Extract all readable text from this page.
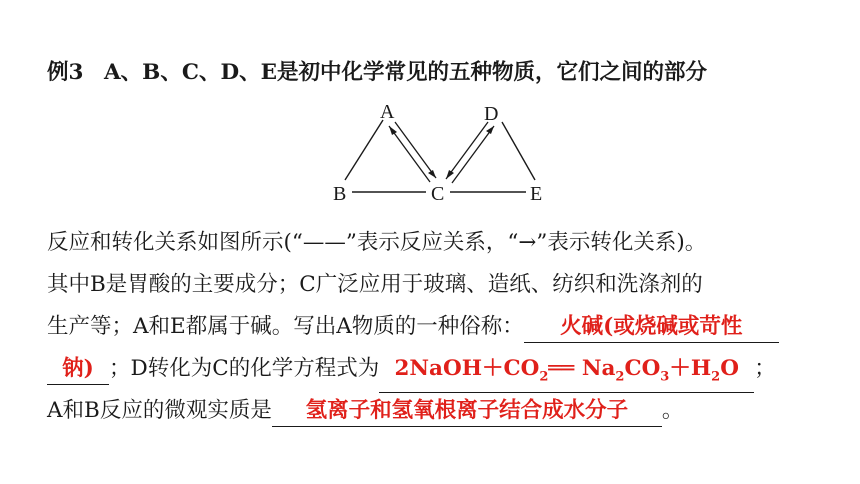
例3 A、B、C、D、E是初中化学常见的五种物质，它们之间的部分
A
B	C
D
E
反应和转化关系如图所示(“——”表示反应关系，“→”表示转化关系)。
其中B是胃酸的主要成分；C广泛应用于玻璃、造纸、纺织和洗涤剂的
生产等；A和E都属于碱。写出A物质的一种俗称： 火碱(或烧碱或苛性
钠) ；D转化为C的化学方程式为 $2NaOH+CO_2══$ $Na_2CO_3+H_2O$ ；
A和B反应的微观实质是 氢离子和氢氧根离子结合成水分子 。
